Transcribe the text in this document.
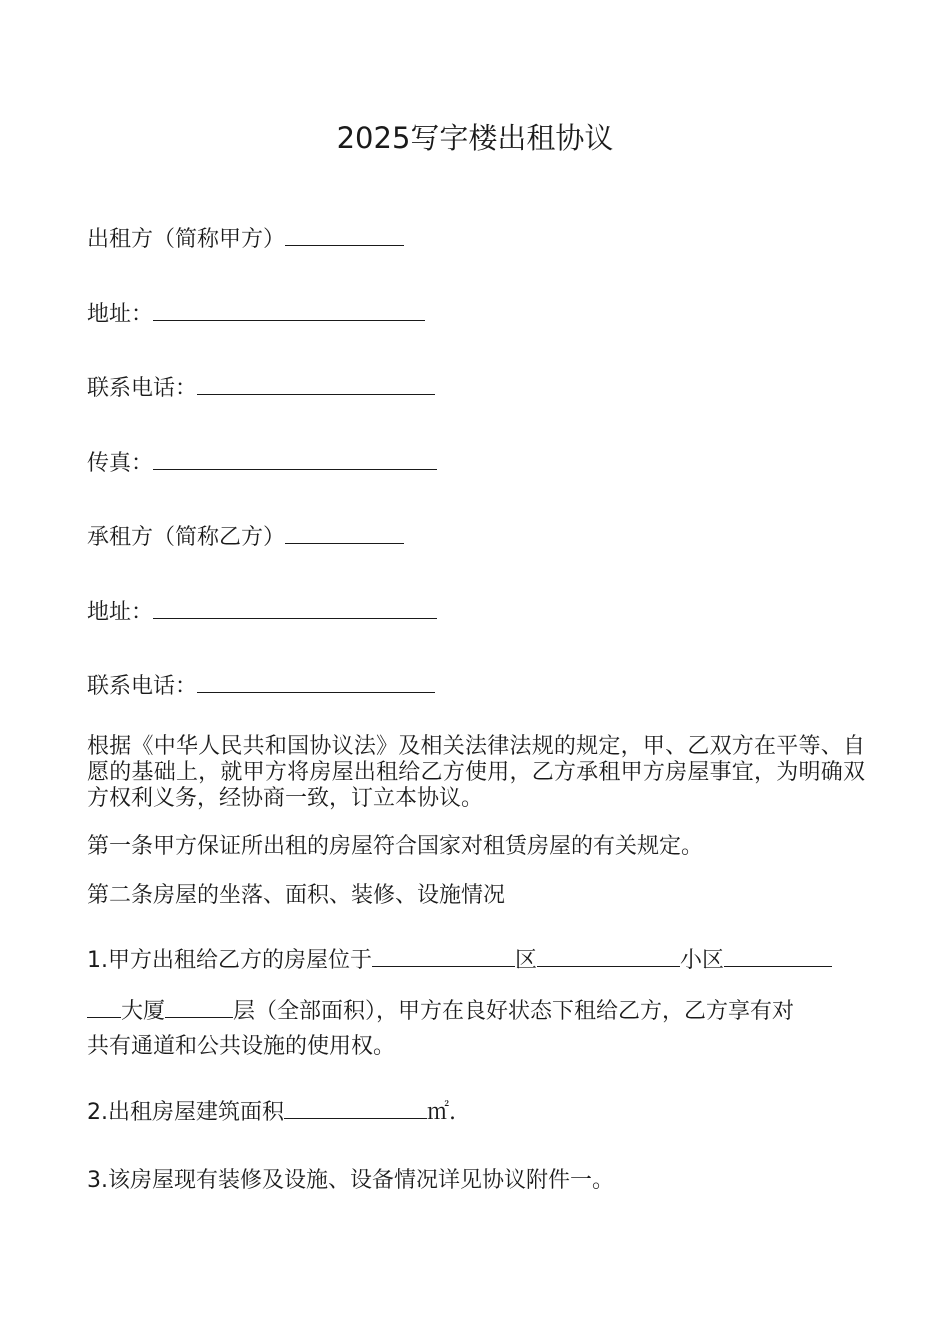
2025写字楼出租协议
出租方（简称甲方）
地址：
联系电话：
传真：
承租方（简称乙方）
地址：
联系电话：

根据《中华人民共和国协议法》及相关法律法规的规定，甲、乙双方在平等、自愿的基础上，就甲方将房屋出租给乙方使用，乙方承租甲方房屋事宜，为明确双方权利义务，经协商一致，订立本协议。

第一条甲方保证所出租的房屋符合国家对租赁房屋的有关规定。
第二条房屋的坐落、面积、装修、设施情况
1.甲方出租给乙方的房屋位于	区	小区
大厦	层（全部面积），甲方在良好状态下租给乙方，乙方享有对
共有通道和公共设施的使用权。
2.出租房屋建筑面积	㎡.
3.该房屋现有装修及设施、设备情况详见协议附件一。
